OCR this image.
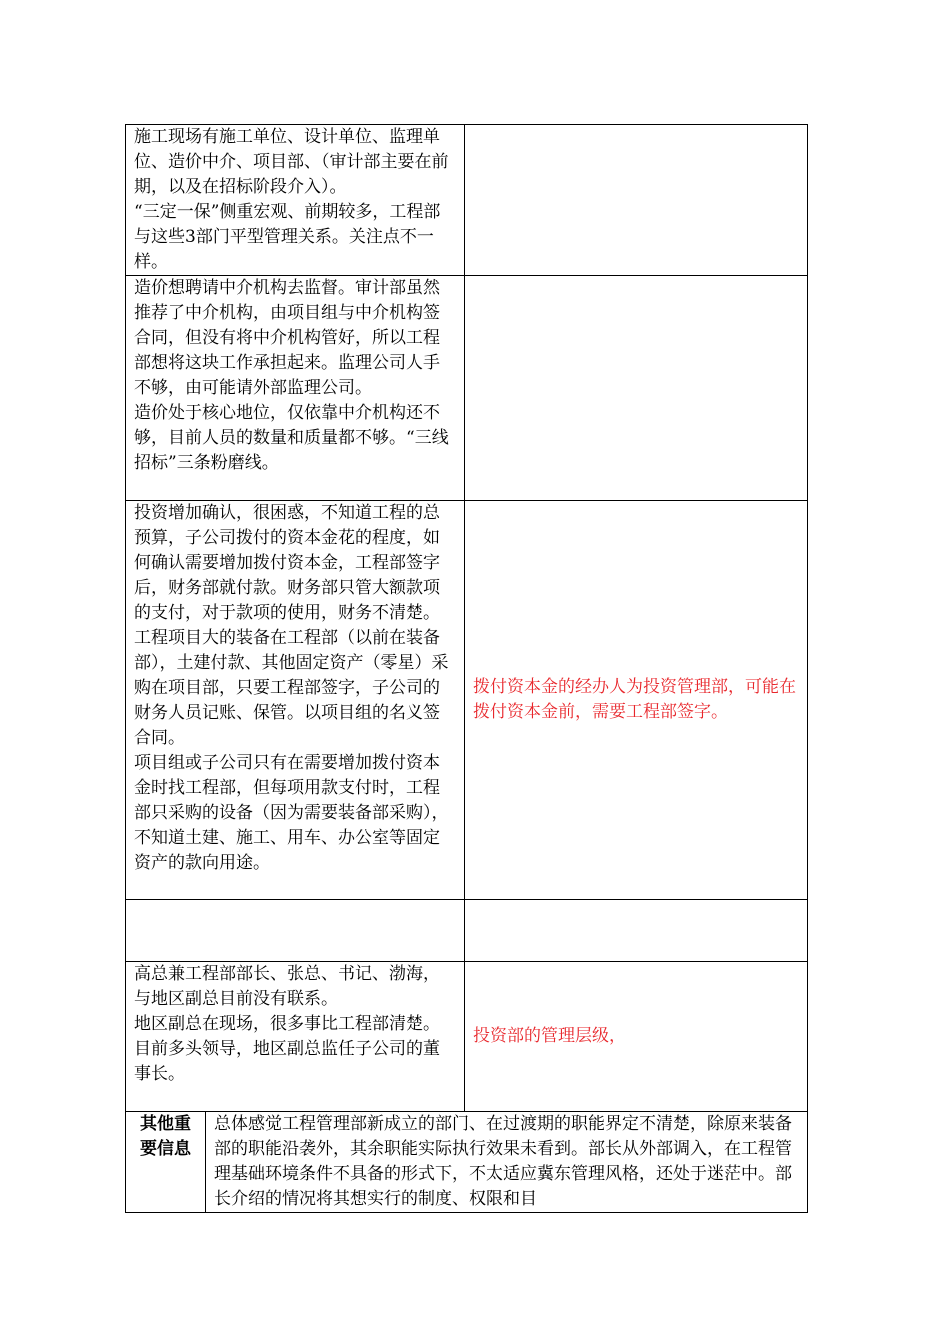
施工现场有施工单位、设计单位、监理单位、造价中介、项目部、（审计部主要在前期，以及在招标阶段介入）。
“三定一保”侧重宏观、前期较多，工程部与这些3部门平型管理关系。关注点不一样。		

造价想聘请中介机构去监督。审计部虽然推荐了中介机构，由项目组与中介机构签合同，但没有将中介机构管好，所以工程部想将这块工作承担起来。监理公司人手不够，由可能请外部监理公司。
造价处于核心地位，仅依靠中介机构还不够，目前人员的数量和质量都不够。“三线招标”三条粉磨线。		

投资增加确认，很困惑，不知道工程的总预算，子公司拨付的资本金花的程度，如何确认需要增加拨付资本金，工程部签字后，财务部就付款。财务部只管大额款项的支付，对于款项的使用，财务不清楚。
工程项目大的装备在工程部（以前在装备部），土建付款、其他固定资产（零星）采购在项目部，只要工程部签字，子公司的财务人员记账、保管。以项目组的名义签合同。
项目组或子公司只有在需要增加拨付资本金时找工程部，但每项用款支付时，工程部只采购的设备（因为需要装备部采购），不知道土建、施工、用车、办公室等固定资产的款向用途。		拨付资本金的经办人为投资管理部，可能在拨付资本金前，需要工程部签字。

高总兼工程部部长、张总、书记、渤海，与地区副总目前没有联系。
地区副总在现场，很多事比工程部清楚。
目前多头领导，地区副总监任子公司的董事长。		投资部的管理层级，
其他重要信息	总体感觉工程管理部新成立的部门、在过渡期的职能界定不清楚，除原来装备部的职能沿袭外，其余职能实际执行效果未看到。部长从外部调入，在工程管理基础环境条件不具备的形式下，不太适应冀东管理风格，还处于迷茫中。部长介绍的情况将其想实行的制度、权限和目	
